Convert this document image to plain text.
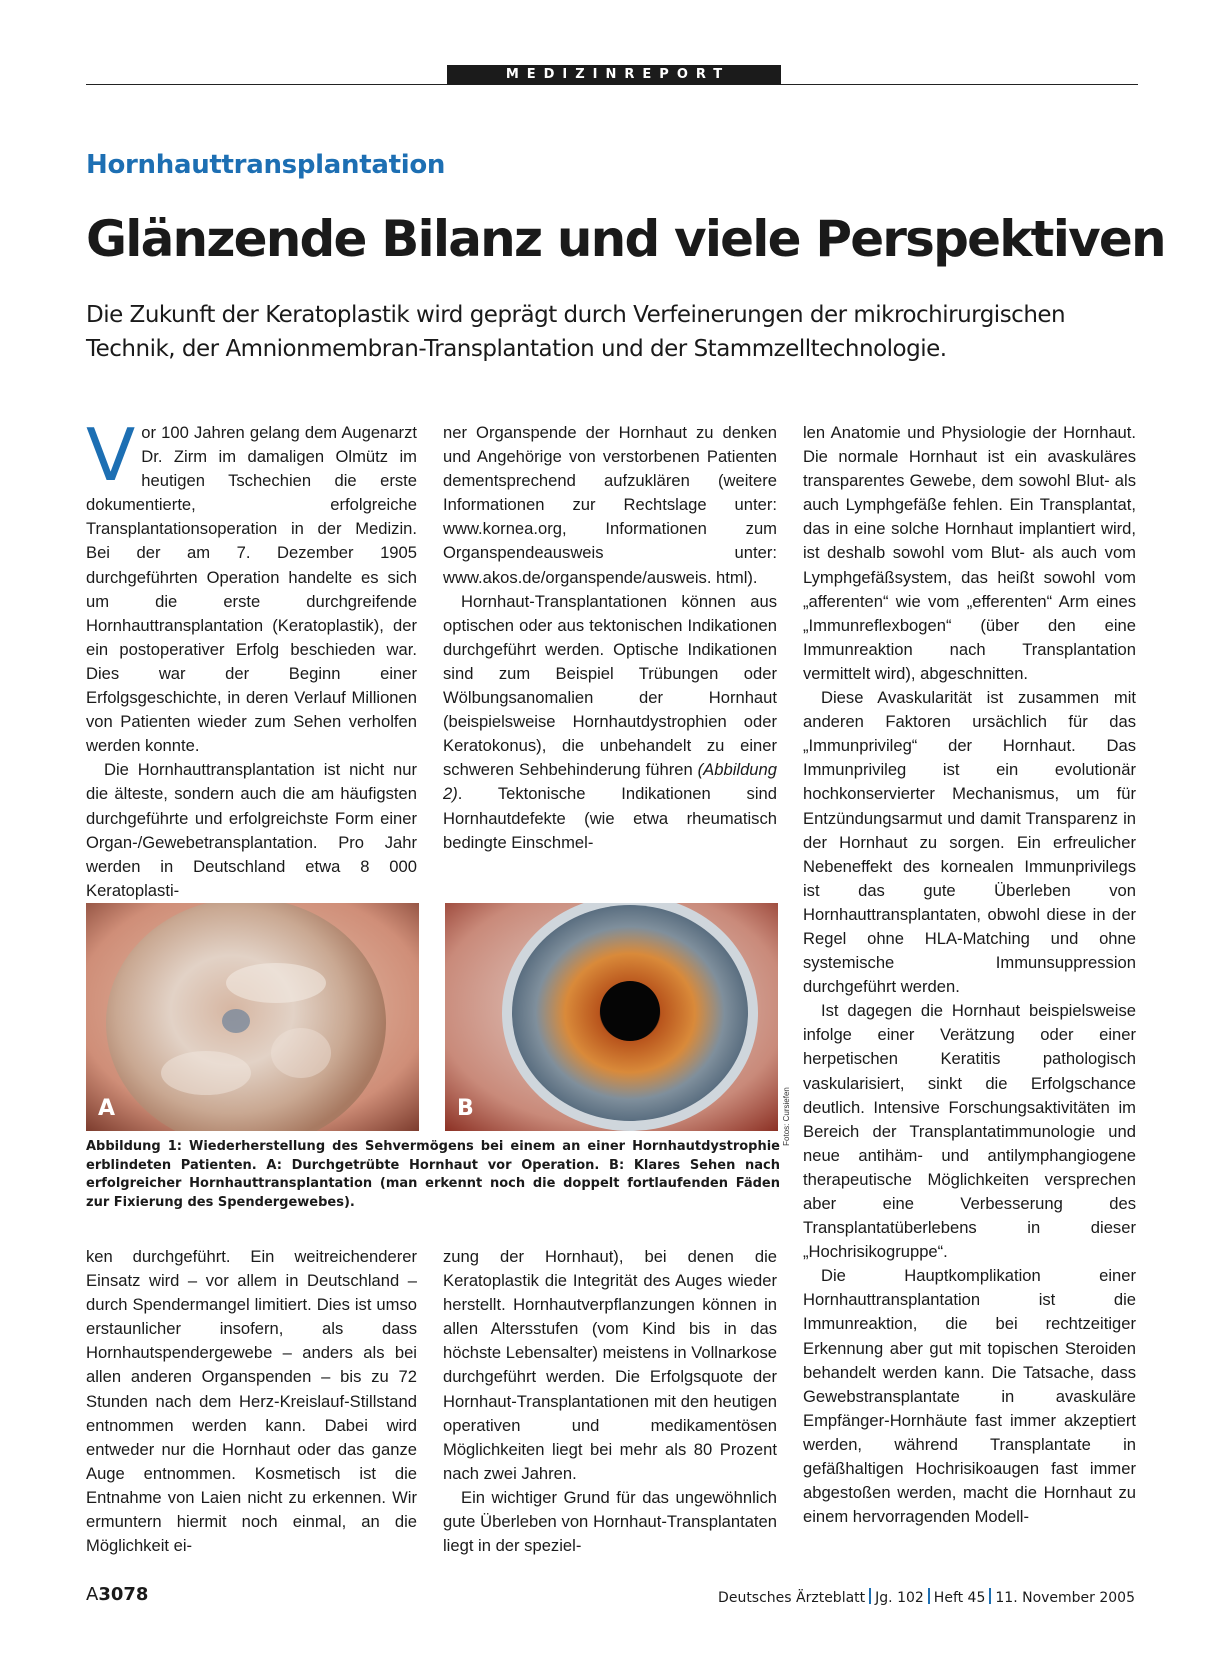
MEDIZINREPORT
Hornhauttransplantation
Glänzende Bilanz und viele Perspektiven

Die Zukunft der Keratoplastik wird geprägt durch Verfeinerungen der mikrochirurgischen

Technik, der Amnionmembran-Transplantation und der Stammzelltechnologie.

Vor 100 Jahren gelang dem Augenarzt Dr. Zirm im damaligen Olmütz im heutigen Tschechien die erste dokumentierte, erfolgreiche Transplantationsoperation in der Medizin. Bei der am 7. Dezember 1905 durchgeführten Operation handelte es sich um die erste durchgreifende Hornhauttransplantation (Keratoplastik), der ein postoperativer Erfolg beschieden war. Dies war der Beginn einer Erfolgsgeschichte, in deren Verlauf Millionen von Patienten wieder zum Sehen verholfen werden konnte.

Die Hornhauttransplantation ist nicht nur die älteste, sondern auch die am häufigsten durchgeführte und erfolgreichste Form einer Organ-/Gewebetransplantation. Pro Jahr werden in Deutschland etwa 8 000 Keratoplasti-

ner Organspende der Hornhaut zu denken und Angehörige von verstorbenen Patienten dementsprechend aufzuklären (weitere Informationen zur Rechtslage unter: www.kornea.org, Informationen zum Organspendeausweis unter: www.akos.de/organspende/ausweis. html).

Hornhaut-Transplantationen können aus optischen oder aus tektonischen Indikationen durchgeführt werden. Optische Indikationen sind zum Beispiel Trübungen oder Wölbungsanomalien der Hornhaut (beispielsweise Hornhautdystrophien oder Keratokonus), die unbehandelt zu einer schweren Sehbehinderung führen (Abbildung 2). Tektonische Indikationen sind Hornhautdefekte (wie etwa rheumatisch bedingte Einschmel-

len Anatomie und Physiologie der Hornhaut. Die normale Hornhaut ist ein avaskuläres transparentes Gewebe, dem sowohl Blut- als auch Lymphgefäße fehlen. Ein Transplantat, das in eine solche Hornhaut implantiert wird, ist deshalb sowohl vom Blut- als auch vom Lymphgefäßsystem, das heißt sowohl vom „afferenten“ wie vom „efferenten“ Arm eines „Immunreflexbogen“ (über den eine Immunreaktion nach Transplantation vermittelt wird), abgeschnitten.

Diese Avaskularität ist zusammen mit anderen Faktoren ursächlich für das „Immunprivileg“ der Hornhaut. Das Immunprivileg ist ein evolutionär hochkonservierter Mechanismus, um für Entzündungsarmut und damit Transparenz in der Hornhaut zu sorgen. Ein erfreulicher Nebeneffekt des kornealen Immunprivilegs ist das gute Überleben von Hornhauttransplantaten, obwohl diese in der Regel ohne HLA-Matching und ohne systemische Immunsuppression durchgeführt werden.

Ist dagegen die Hornhaut beispielsweise infolge einer Verätzung oder einer herpetischen Keratitis pathologisch vaskularisiert, sinkt die Erfolgschance deutlich. Intensive Forschungsaktivitäten im Bereich der Transplantatimmunologie und neue antihäm- und antilymphangiogene therapeutische Möglichkeiten versprechen aber eine Verbesserung des Transplantatüberlebens in dieser „Hochrisikogruppe“.

Die Hauptkomplikation einer Hornhauttransplantation ist die Immunreaktion, die bei rechtzeitiger Erkennung aber gut mit topischen Steroiden behandelt werden kann. Die Tatsache, dass Gewebstransplantate in avaskuläre Empfänger-Hornhäute fast immer akzeptiert werden, während Transplantate in gefäßhaltigen Hochrisikoaugen fast immer abgestoßen werden, macht die Hornhaut zu einem hervorragenden Modell-

A	B	Fotos: Cursiefen
Abbildung 1: Wiederherstellung des Sehvermögens bei einem an einer Hornhautdystrophie erblindeten Patienten. A: Durchgetrübte Hornhaut vor Operation. B: Klares Sehen nach erfolgreicher Hornhauttransplantation (man erkennt noch die doppelt fortlaufenden Fäden zur Fixierung des Spendergewebes).

ken durchgeführt. Ein weitreichenderer Einsatz wird – vor allem in Deutschland – durch Spendermangel limitiert. Dies ist umso erstaunlicher insofern, als dass Hornhautspendergewebe – anders als bei allen anderen Organspenden – bis zu 72 Stunden nach dem Herz-Kreislauf-Stillstand entnommen werden kann. Dabei wird entweder nur die Hornhaut oder das ganze Auge entnommen. Kosmetisch ist die Entnahme von Laien nicht zu erkennen. Wir ermuntern hiermit noch einmal, an die Möglichkeit ei-

zung der Hornhaut), bei denen die Keratoplastik die Integrität des Auges wieder herstellt. Hornhautverpflanzungen können in allen Altersstufen (vom Kind bis in das höchste Lebensalter) meistens in Vollnarkose durchgeführt werden. Die Erfolgsquote der Hornhaut-Transplantationen mit den heutigen operativen und medikamentösen Möglichkeiten liegt bei mehr als 80 Prozent nach zwei Jahren.

Ein wichtiger Grund für das ungewöhnlich gute Überleben von Hornhaut-Transplantaten liegt in der speziel-

A3078	Deutsches Ärzteblatt Jg. 102 Heft 45 11. November 2005
